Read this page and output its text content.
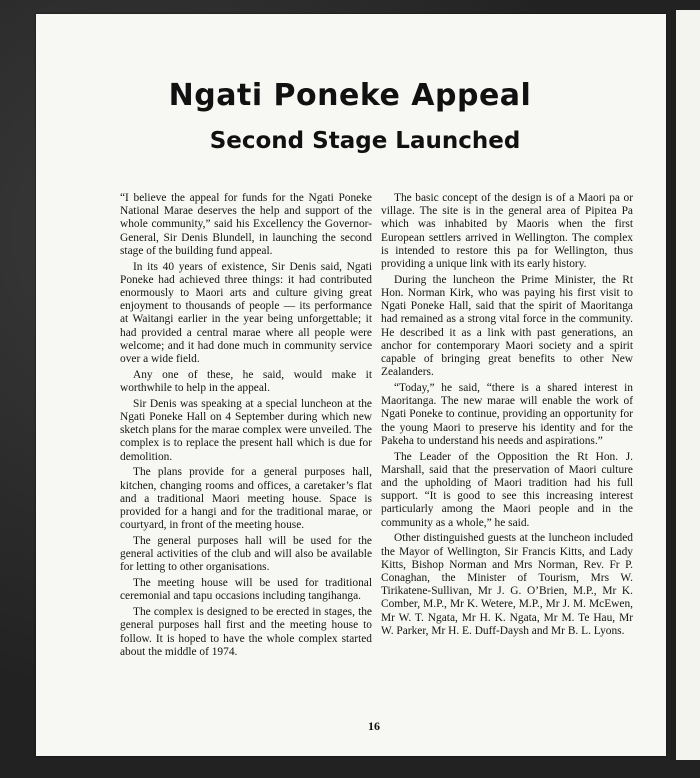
Ngati Poneke Appeal
Second Stage Launched

“I believe the appeal for funds for the Ngati Poneke National Marae deserves the help and support of the whole community,” said his Excellency the Governor-General, Sir Denis Blundell, in launching the second stage of the building fund appeal.

In its 40 years of existence, Sir Denis said, Ngati Poneke had achieved three things: it had contributed enormously to Maori arts and culture giving great enjoyment to thousands of people — its performance at Waitangi earlier in the year being unforgettable; it had provided a central marae where all people were welcome; and it had done much in community service over a wide field.

Any one of these, he said, would make it worthwhile to help in the appeal.

Sir Denis was speaking at a special luncheon at the Ngati Poneke Hall on 4 September during which new sketch plans for the marae complex were unveiled. The complex is to replace the present hall which is due for demolition.

The plans provide for a general purposes hall, kitchen, changing rooms and offices, a caretaker’s flat and a traditional Maori meeting house. Space is provided for a hangi and for the traditional marae, or courtyard, in front of the meeting house.

The general purposes hall will be used for the general activities of the club and will also be available for letting to other organisations.

The meeting house will be used for traditional ceremonial and tapu occasions including tangihanga.

The complex is designed to be erected in stages, the general purposes hall first and the meeting house to follow. It is hoped to have the whole complex started about the middle of 1974.

The basic concept of the design is of a Maori pa or village. The site is in the general area of Pipitea Pa which was inhabited by Maoris when the first European settlers arrived in Wellington. The complex is intended to restore this pa for Wellington, thus providing a unique link with its early history.

During the luncheon the Prime Minister, the Rt Hon. Norman Kirk, who was paying his first visit to Ngati Poneke Hall, said that the spirit of Maoritanga had remained as a strong vital force in the community. He described it as a link with past generations, an anchor for contemporary Maori society and a spirit capable of bringing great benefits to other New Zealanders.

“Today,” he said, “there is a shared interest in Maoritanga. The new marae will enable the work of Ngati Poneke to continue, providing an opportunity for the young Maori to preserve his identity and for the Pakeha to understand his needs and aspirations.”

The Leader of the Opposition the Rt Hon. J. Marshall, said that the preservation of Maori culture and the upholding of Maori tradition had his full support. “It is good to see this increasing interest particularly among the Maori people and in the community as a whole,” he said.

Other distinguished guests at the luncheon included the Mayor of Wellington, Sir Francis Kitts, and Lady Kitts, Bishop Norman and Mrs Norman, Rev. Fr P. Conaghan, the Minister of Tourism, Mrs W. Tirikatene-Sullivan, Mr J. G. O’Brien, M.P., Mr K. Comber, M.P., Mr K. Wetere, M.P., Mr J. M. McEwen, Mr W. T. Ngata, Mr H. K. Ngata, Mr M. Te Hau, Mr W. Parker, Mr H. E. Duff-Daysh and Mr B. L. Lyons.

16
